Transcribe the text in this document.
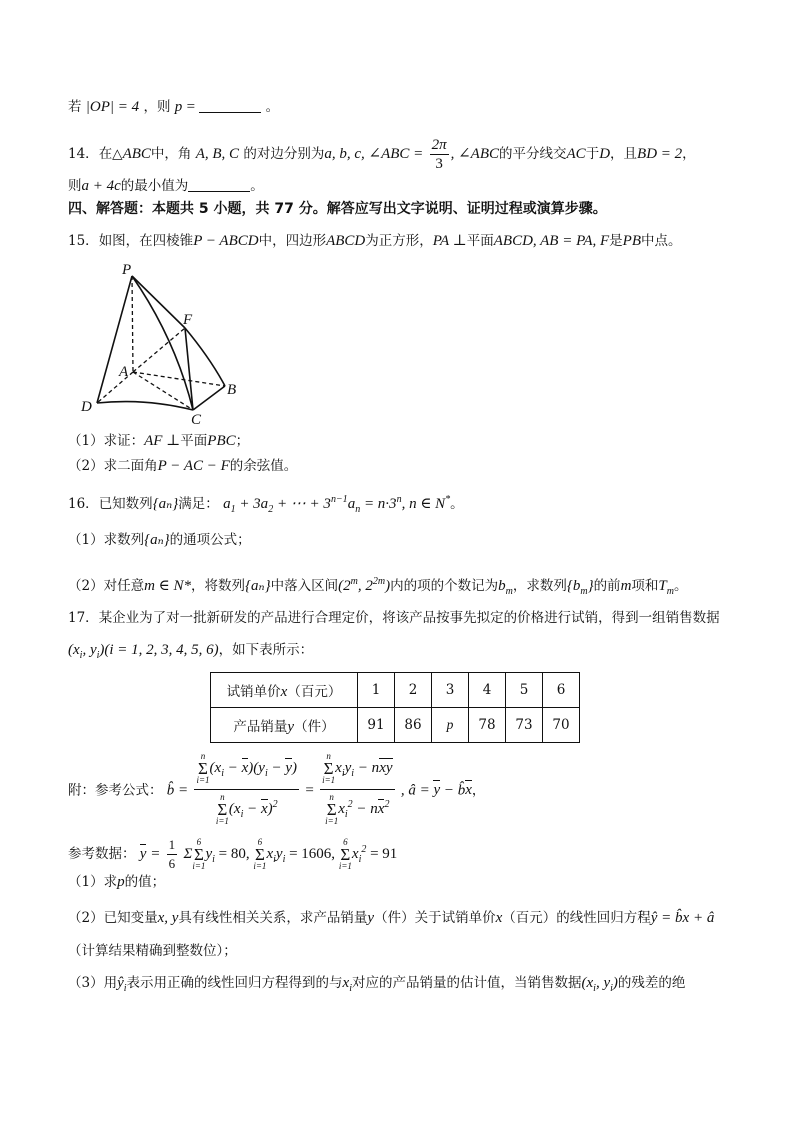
若 |OP| = 4 ，则 p =	。
14．在△ABC中，角 A, B, C 的对边分别为a, b, c, ∠ABC = $\frac{2\pi}{3}$ , ∠ABC的平分线交AC于D，且BD = 2，
则a + 4c的最小值为	。
四、解答题：本题共 5 小题，共 77 分。解答应写出文字说明、证明过程或演算步骤。
15．如图，在四棱锥P − ABCD中，四边形ABCD为正方形，PA ⊥平面ABCD, AB = PA, F是PB中点。
P
F
A
B
C
D
（1）求证：AF ⊥平面PBC；
（2）求二面角P − AC − F的余弦值。
16．已知数列{aₙ}满足： $a_1 + 3a_2$ + ⋯ + $3^{n-1}a_n = n\cdot 3^n$, n ∈ N*。
（1）求数列{aₙ}的通项公式；
（2）对任意m ∈ N*，将数列{aₙ}中落入区间(2$^m$, $2^{2m}$)内的项的个数记为$b_m$，求数列$\{b_m\}$的前m项和$T_m$。
17．某企业为了对一批新研发的产品进行合理定价，将该产品按事先拟定的价格进行试销，得到一组销售数据
($x_i$, $y_i)(i = 1$, 2, 3, 4, 5, 6)，如下表所示：
试销单价x（百元）	1	2	3	4	5	6
产品销量y（件）	91	86	p	78	73	70
附：参考公式： b̂ = n
Σ
i=1
$(x_i - x)(y_i - y)$
n
Σ
i=1
$(x_i - x)^2 = n$
Σ
i=1
$x_iy_i$ − nxy
n
Σ
i=1
$x_i^2 - nx^2$ , â = y − b̂x，
参考数据： $y = \frac{1}{6}$ Σ
6
Σ
i=1
$y_i = 80$,
6
Σ
i=1
$x_iy_i = 1606$,
6
Σ
i=1
$x_i^2 = 91$
（1）求p的值；
（2）已知变量x, y具有线性相关关系，求产品销量y（件）关于试销单价x（百元）的线性回归方程ŷ = b̂x + â
（计算结果精确到整数位）；
（3）用$ŷ_i$表示用正确的线性回归方程得到的与$x_i$对应的产品销量的估计值，当销售数据($x_i$, $y_i$)的残差的绝
